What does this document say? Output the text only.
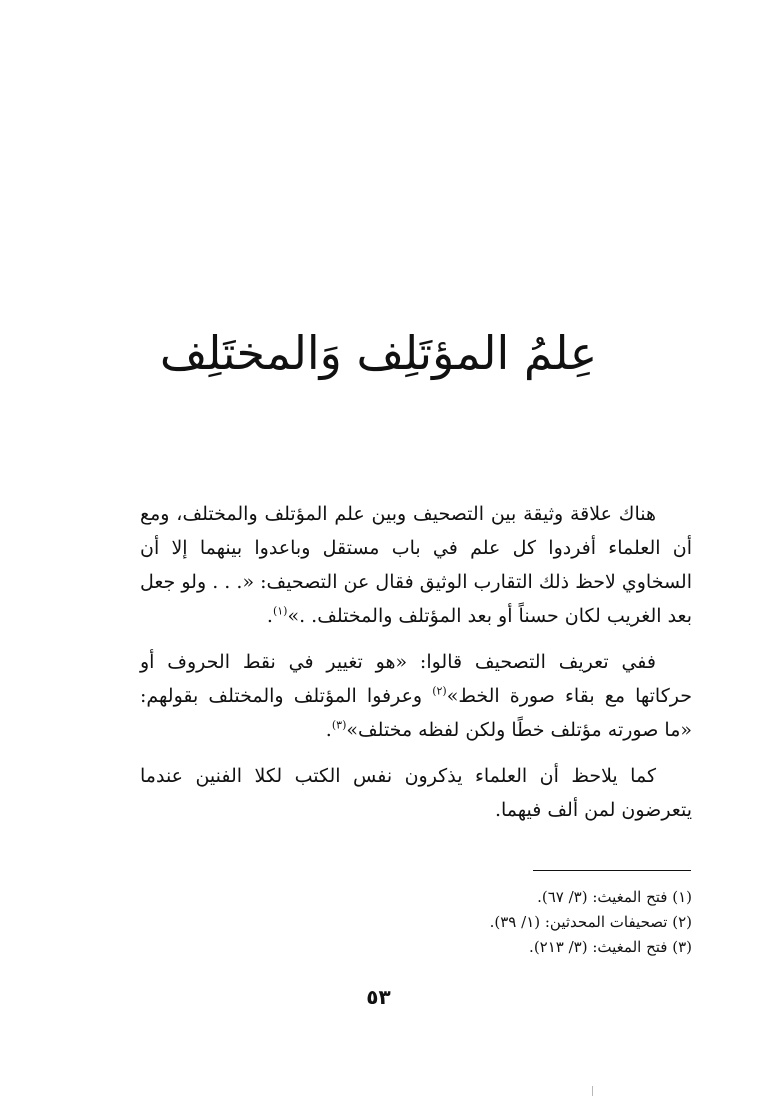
عِلمُ المؤتَلِف وَالمختَلِف

هناك علاقة وثيقة بين التصحيف وبين علم المؤتلف والمختلف، ومع أن العلماء أفردوا كل علم في باب مستقل وباعدوا بينهما إلا أن السخاوي لاحظ ذلك التقارب الوثيق فقال عن التصحيف: «. . . ولو جعل بعد الغريب لكان حسناً أو بعد المؤتلف والمختلف. .»$^{(١)}$.

ففي تعريف التصحيف قالوا: «هو تغيير في نقط الحروف أو حركاتها مع بقاء صورة الخط»$^{(٢)}$ وعرفوا المؤتلف والمختلف بقولهم: «ما صورته مؤتلف خطًا ولكن لفظه مختلف»$^{(٣)}$.

كما يلاحظ أن العلماء يذكرون نفس الكتب لكلا الفنين عندما يتعرضون لمن ألف فيهما.

(١) فتح المغيث: (٣/ ٦٧).

(٢) تصحيفات المحدثين: (١/ ٣٩).

(٣) فتح المغيث: (٣/ ٢١٣).

٥٣
